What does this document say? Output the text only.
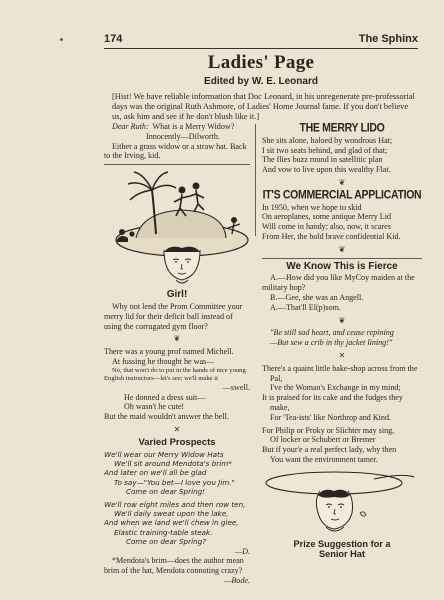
174	The Sphinx
Ladies' Page
Edited by W. E. Leonard

[Hist! We have reliable information that Doc Leonard, in his unregenerate pre-professorial days was the original Ruth Ashmore, of Ladies' Home Journal fame. If you don't believe us, ask him and see if he don't blush like it.]

Dear Ruth: What is a Merry Widow?

Innocently—Dilworth.

Either a grass widow or a straw hat. Back to the Irving, kid.

Girl!

Why not lend the Prom Committee your merry lid for their deficit ball instead of using the corrugated gym floor?

❦

There was a young prof named Michell.

At fussing he thought he was—

No, that won't do to put in the hands of nice young English instructors—let's see; we'll make it

—swell.

He donned a dress suit—

Oh wasn't he cute!

But the maid wouldn't answer the bell.

✕
Varied Prospects

We'll wear our Merry Widow Hats

We'll sit around Mendota's brim*

And later on we'll all be glad

To say—"You bet—I love you Jim."

Come on dear Spring!

We'll row eight miles and then row ten,

We'll daily sweat upon the lake,

And when we land we'll chew in glee,

Elastic training-table steak.

Come on dear Spring?

—D.

*Mendota's brim—does the author mean brim of the hat, Mendota connoting crazy?

—Bode.

THE MERRY LIDO

She sits alone, haloed by wondrous Hat;

I sit two seats behind, and glad of that;

The flies buzz round in satellitic plan

And vow to live upon this wealthy Flat.

❦
IT'S COMMERCIAL APPLICATION

In 1950, when we hope to skid

On aeroplanes, some antique Merry Lid

Will come in handy; also, now, it scares

From Her, the bold brave confidential Kid.

❦
We Know This is Fierce

A.—How did you like MyCoy maiden at the military hop?

B.—Gee, she was an Angell.

A.—That'll El(p)som.

❦

"Be still sad heart, and cease repining

—But sew a crib in thy jacket lining!"

✕

There's a quaint little bake-shop across from the Pal,

I've the Woman's Exchange in my mind;

It is praised for its cake and the fudges they make,

For 'Tea-ists' like Northrop and Kind.

For Philip or Proky or Slichter may sing,

Of locker or Schubert or Bremer

But if your'e a real perfect lady, why then

You want the environment tamer.

Prize Suggestion for a

Senior Hat
